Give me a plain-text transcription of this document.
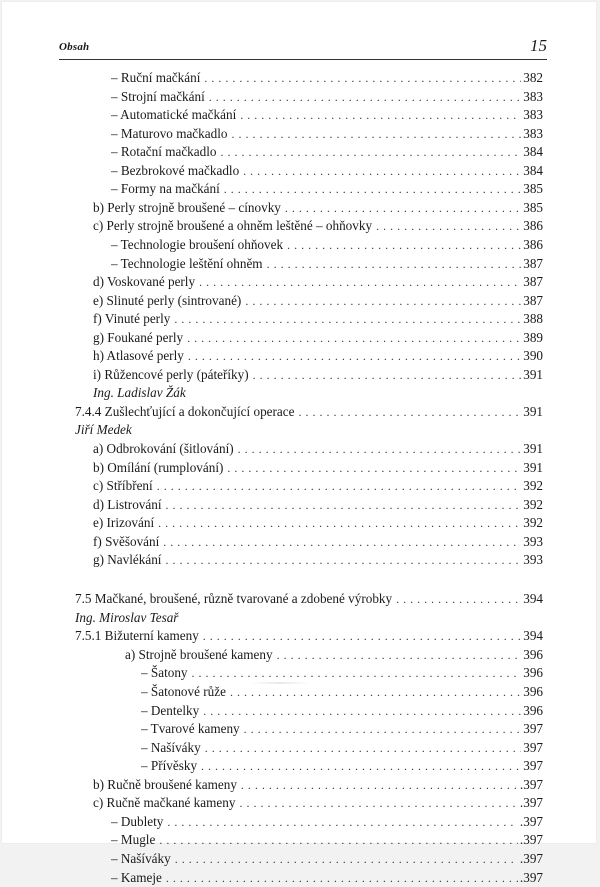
Obsah	15
– Ruční mačkání . . .	382
– Strojní mačkání . . .	383
– Automatické mačkání . . .	383
– Maturovo mačkadlo . . .	383
– Rotační mačkadlo . . .	384
– Bezbrokové mačkadlo . . .	384
– Formy na mačkání . . .	385
b) Perly strojně broušené – cínovky . . .	385
c) Perly strojně broušené a ohněm leštěné – ohňovky . . .	386
– Technologie broušení ohňovek . . .	386
– Technologie leštění ohněm . . .	387
d) Voskované perly . . .	387
e) Slinuté perly (sintrované) . . .	387
f) Vinuté perly . . .	388
g) Foukané perly . . .	389
h) Atlasové perly . . .	390
i) Růžencové perly (páteříky) . . .	391
Ing. Ladislav Žák
7.4.4 Zušlechťující a dokončující operace . . .	391
Jiří Medek
a) Odbrokování (šitlování) . . .	391
b) Omílání (rumplování) . . .	391
c) Stříbření . . .	392
d) Listrování . . .	392
e) Irizování . . .	392
f) Svěšování . . .	393
g) Navlékání . . .	393
7.5 Mačkané, broušené, různě tvarované a zdobené výrobky . . .	394
Ing. Miroslav Tesař
7.5.1 Bižuterní kameny . . .	394
a) Strojně broušené kameny . . .	396
– Šatony . . .	396
– Šatonové růže . . .	396
– Dentelky . . .	396
– Tvarové kameny . . .	397
– Našíváky . . .	397
– Přívěsky . . .	397
b) Ručně broušené kameny . . .	.397
c) Ručně mačkané kameny . . .	.397
– Dublety . . .	.397
– Mugle . . .	.397
– Našíváky . . .	.397
– Kameje . . .	.397
